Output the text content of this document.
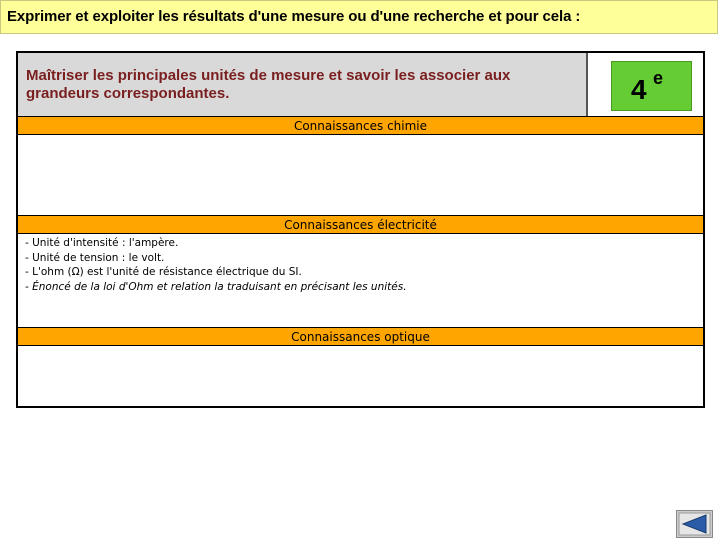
Exprimer et exploiter les résultats d'une mesure ou d'une recherche et pour cela :
Maîtriser les principales unités de mesure et savoir les associer aux grandeurs correspondantes.	4 e
Connaissances chimie
Connaissances électricité
- Unité d'intensité : l'ampère.
- Unité de tension : le volt.
- L'ohm (Ω) est l'unité de résistance électrique du SI.
- Énoncé de la loi d'Ohm et relation la traduisant en précisant les unités.
Connaissances optique
